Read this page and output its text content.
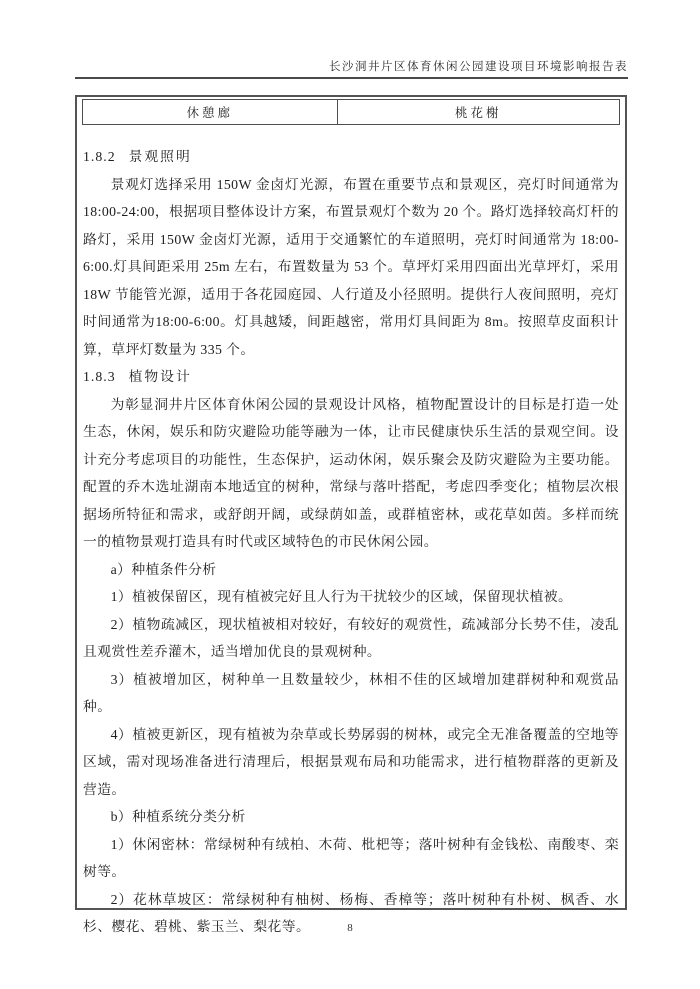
长沙洞井片区体育休闲公园建设项目环境影响报告表
休憩廊	桃花榭
1.8.2 景观照明

景观灯选择采用 150W 金卤灯光源，布置在重要节点和景观区，亮灯时间通常为18:00-24:00，根据项目整体设计方案，布置景观灯个数为 20 个。路灯选择较高灯杆的路灯，采用 150W 金卤灯光源，适用于交通繁忙的车道照明，亮灯时间通常为 18:00-6:00.灯具间距采用 25m 左右，布置数量为 53 个。草坪灯采用四面出光草坪灯，采用 18W 节能管光源，适用于各花园庭园、人行道及小径照明。提供行人夜间照明，亮灯时间通常为18:00-6:00。灯具越矮，间距越密，常用灯具间距为 8m。按照草皮面积计算，草坪灯数量为 335 个。

1.8.3 植物设计

为彰显洞井片区体育休闲公园的景观设计风格，植物配置设计的目标是打造一处生态，休闲，娱乐和防灾避险功能等融为一体，让市民健康快乐生活的景观空间。设计充分考虑项目的功能性，生态保护，运动休闲，娱乐聚会及防灾避险为主要功能。配置的乔木选址湖南本地适宜的树种，常绿与落叶搭配，考虑四季变化；植物层次根据场所特征和需求，或舒朗开阔，或绿荫如盖，或群植密林，或花草如茵。多样而统一的植物景观打造具有时代或区域特色的市民休闲公园。

a）种植条件分析

1）植被保留区，现有植被完好且人行为干扰较少的区域，保留现状植被。

2）植物疏减区，现状植被相对较好，有较好的观赏性，疏减部分长势不佳，凌乱且观赏性差乔灌木，适当增加优良的景观树种。

3）植被增加区，树种单一且数量较少，林相不佳的区域增加建群树种和观赏品种。

4）植被更新区，现有植被为杂草或长势孱弱的树林，或完全无准备覆盖的空地等区域，需对现场准备进行清理后，根据景观布局和功能需求，进行植物群落的更新及营造。

b）种植系统分类分析

1）休闲密林：常绿树种有绒柏、木荷、枇杷等；落叶树种有金钱松、南酸枣、栾树等。

2）花林草坡区：常绿树种有柚树、杨梅、香樟等；落叶树种有朴树、枫香、水杉、樱花、碧桃、紫玉兰、梨花等。	8
